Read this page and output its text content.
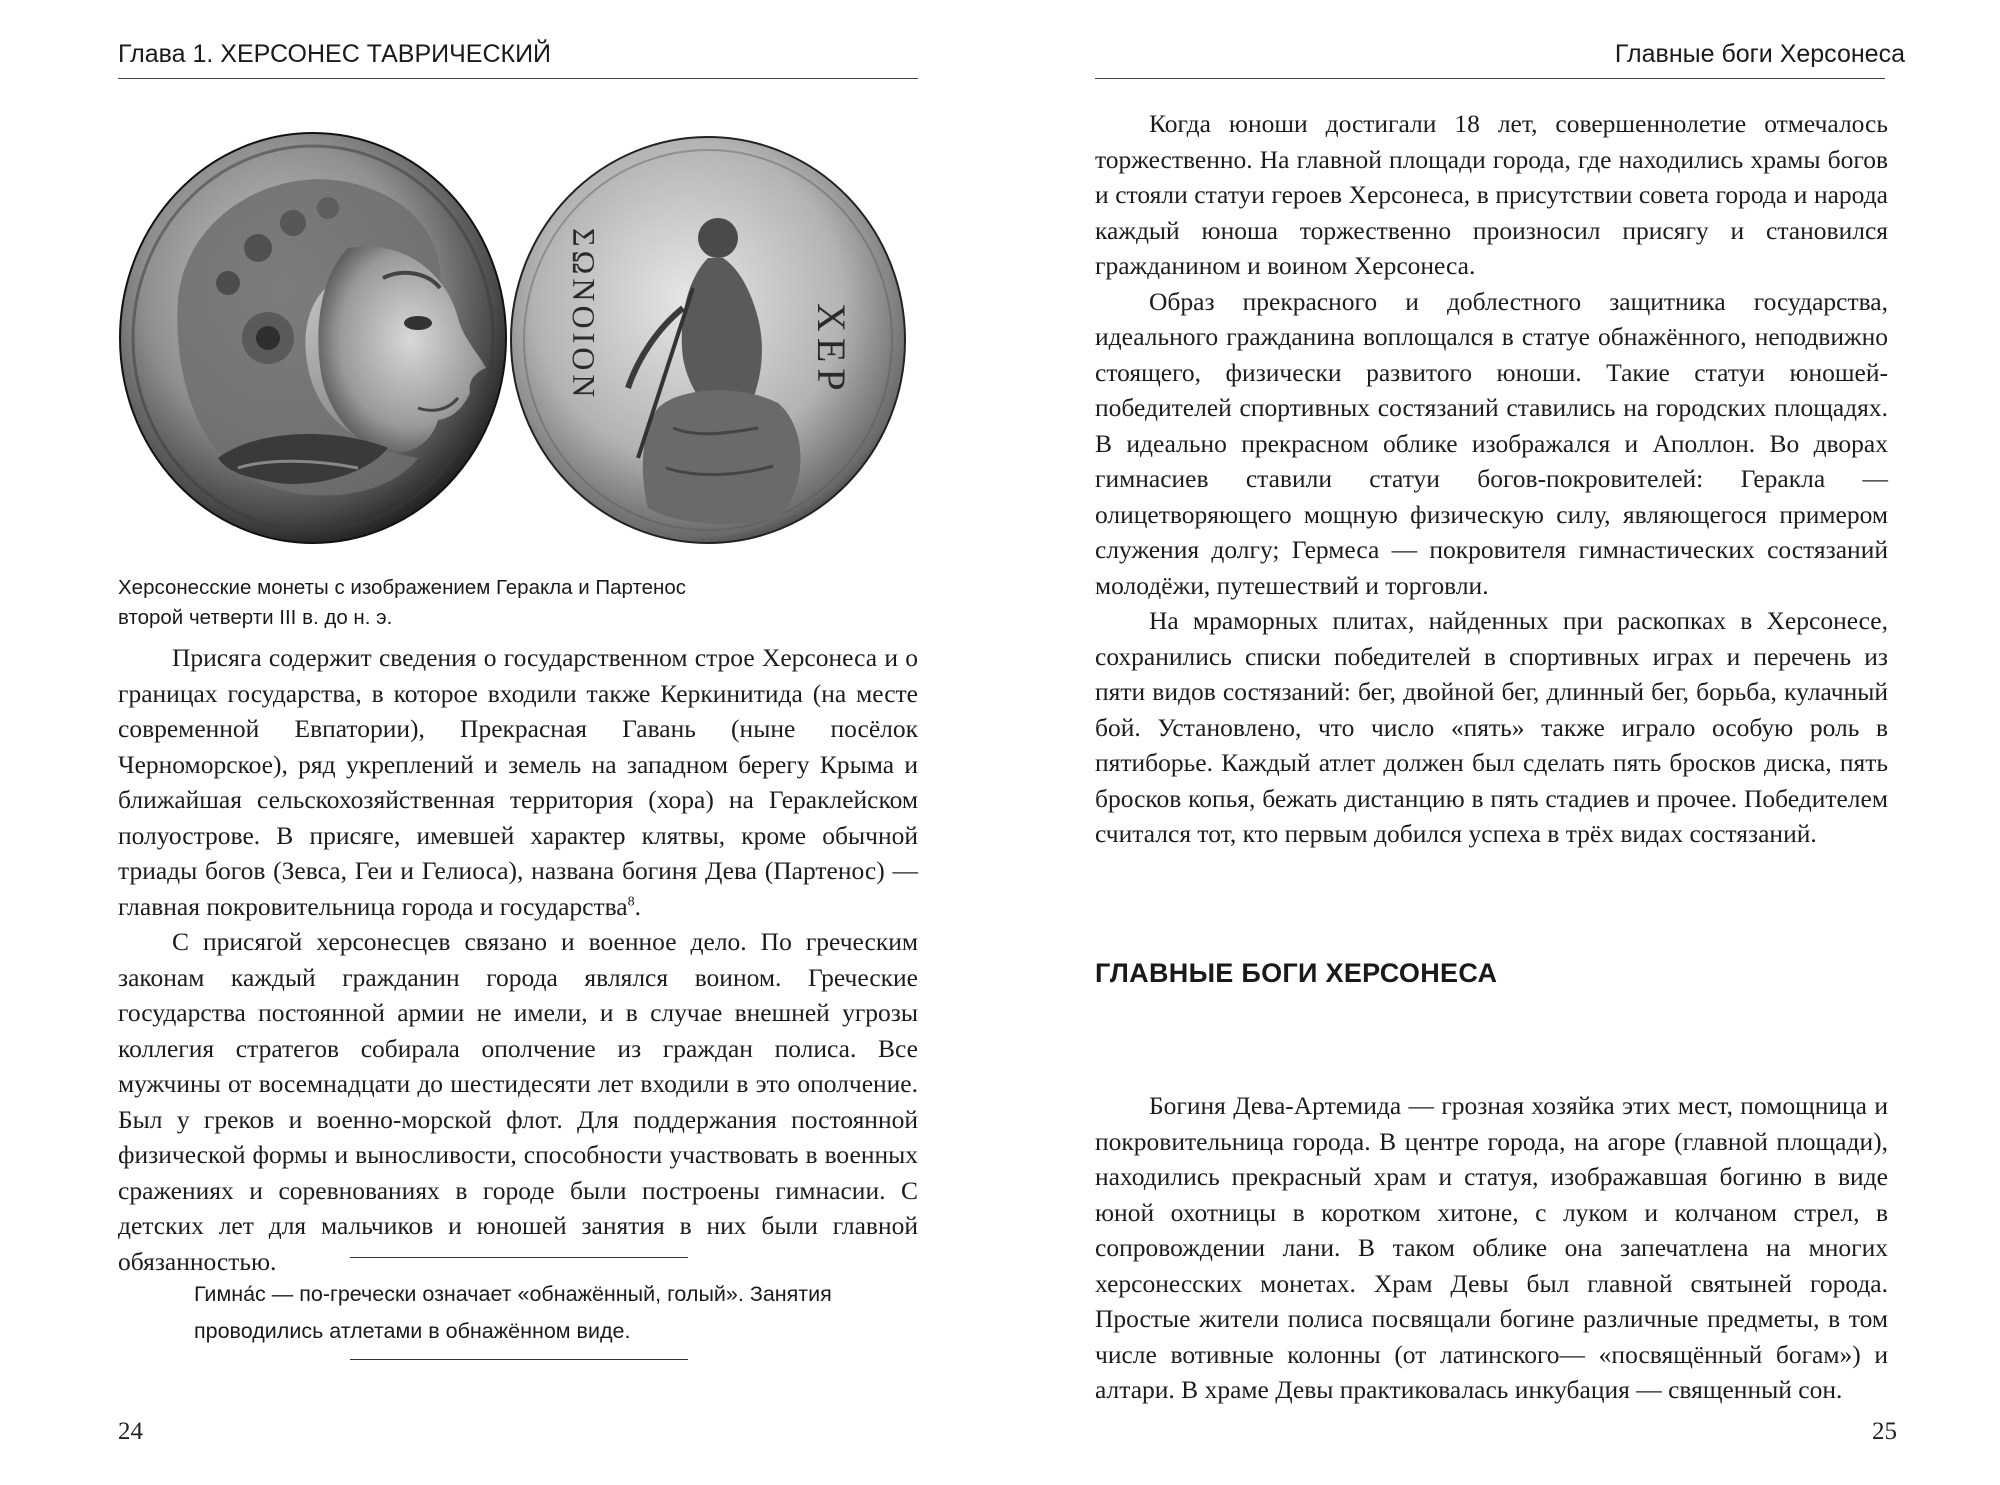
Глава 1. ХЕРСОНЕС ТАВРИЧЕСКИЙ
ХЕР
ΣΩΝΟΙΟΝ
Херсонесские монеты с изображением Геракла и Партенос
второй четверти III в. до н. э.

Присяга содержит сведения о государственном строе Херсонеса и о границах государства, в которое входили также Керкинитида (на месте современной Евпатории), Прекрасная Гавань (ныне посёлок Черноморское), ряд укреплений и земель на западном берегу Крыма и ближайшая сельскохозяйственная территория (хора) на Гераклейском полуострове. В присяге, имевшей характер клятвы, кроме обычной триады богов (Зевса, Геи и Гелиоса), названа богиня Дева (Партенос) — главная покровительница города и государства$^8$.

С присягой херсонесцев связано и военное дело. По греческим законам каждый гражданин города являлся воином. Греческие государства постоянной армии не имели, и в случае внешней угрозы коллегия стратегов собирала ополчение из граждан полиса. Все мужчины от восемнадцати до шестидесяти лет входили в это ополчение. Был у греков и военно-морской флот. Для поддержания постоянной физической формы и выносливости, способности участвовать в военных сражениях и соревнованиях в городе были построены гимнасии. С детских лет для мальчиков и юношей занятия в них были главной обязанностью.

Гимна́с — по-гречески означает «обнажённый, голый». Занятия проводились атлетами в обнажённом виде.
24
Главные боги Херсонеса

Когда юноши достигали 18 лет, совершеннолетие отмечалось торжественно. На главной площади города, где находились храмы богов и стояли статуи героев Херсонеса, в присутствии совета города и народа каждый юноша торжественно произносил присягу и становился гражданином и воином Херсонеса.

Образ прекрасного и доблестного защитника государства, идеального гражданина воплощался в статуе обнажённого, неподвижно стоящего, физически развитого юноши. Такие статуи юношей-победителей спортивных состязаний ставились на городских площадях. В идеально прекрасном облике изображался и Аполлон. Во дворах гимнасиев ставили статуи богов-покровителей: Геракла — олицетворяющего мощную физическую силу, являющегося примером служения долгу; Гермеса — покровителя гимнастических состязаний молодёжи, путешествий и торговли.

На мраморных плитах, найденных при раскопках в Херсонесе, сохранились списки победителей в спортивных играх и перечень из пяти видов состязаний: бег, двойной бег, длинный бег, борьба, кулачный бой. Установлено, что число «пять» также играло особую роль в пятиборье. Каждый атлет должен был сделать пять бросков диска, пять бросков копья, бежать дистанцию в пять стадиев и прочее. Победителем считался тот, кто первым добился успеха в трёх видах состязаний.

ГЛАВНЫЕ БОГИ ХЕРСОНЕСА

Богиня Дева-Артемида — грозная хозяйка этих мест, помощница и покровительница города. В центре города, на агоре (главной площади), находились прекрасный храм и статуя, изображавшая богиню в виде юной охотницы в коротком хитоне, с луком и колчаном стрел, в сопровождении лани. В таком облике она запечатлена на многих херсонесских монетах. Храм Девы был главной святыней города. Простые жители полиса посвящали богине различные предметы, в том числе вотивные колонны (от латинского— «посвящённый богам») и алтари. В храме Девы практиковалась инкубация — священный сон.

25
